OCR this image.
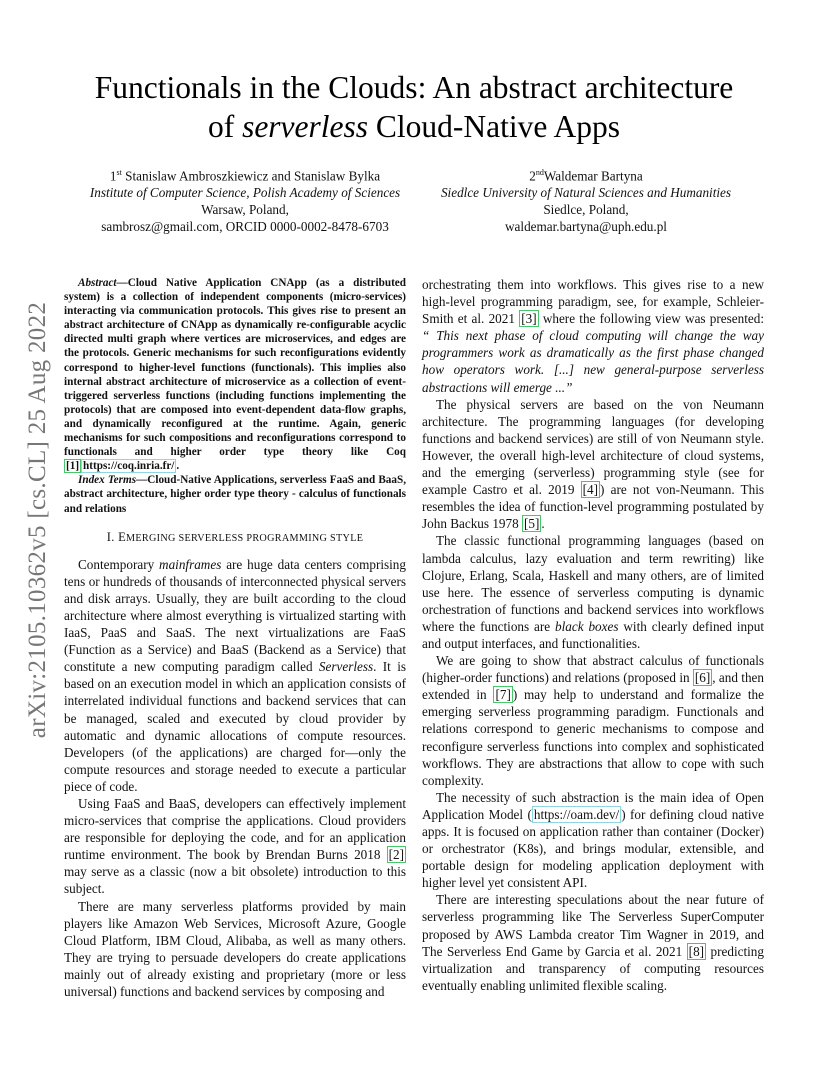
arXiv:2105.10362v5 [cs.CL] 25 Aug 2022
Functionals in the Clouds: An abstract architecture
of serverless Cloud-Native Apps
1st Stanislaw Ambroszkiewicz and Stanislaw Bylka
Institute of Computer Science, Polish Academy of Sciences
Warsaw, Poland,
sambrosz@gmail.com, ORCID 0000-0002-8478-6703
2ndWaldemar Bartyna
Siedlce University of Natural Sciences and Humanities
Siedlce, Poland,
waldemar.bartyna@uph.edu.pl

Abstract—Cloud Native Application CNApp (as a distributed system) is a collection of independent components (micro-services) interacting via communication protocols. This gives rise to present an abstract architecture of CNApp as dynamically re-configurable acyclic directed multi graph where vertices are microservices, and edges are the protocols. Generic mechanisms for such reconfigurations evidently correspond to higher-level functions (functionals). This implies also internal abstract architecture of microservice as a collection of event-triggered serverless functions (including functions implementing the protocols) that are composed into event-dependent data-flow graphs, and dynamically reconfigured at the runtime. Again, generic mechanisms for such compositions and reconfigurations correspond to functionals and higher order type theory like Coq [1] https://coq.inria.fr/ .

Index Terms—Cloud-Native Applications, serverless FaaS and BaaS, abstract architecture, higher order type theory - calculus of functionals and relations

I. EMERGING SERVERLESS PROGRAMMING STYLE

Contemporary mainframes are huge data centers comprising tens or hundreds of thousands of interconnected physical servers and disk arrays. Usually, they are built according to the cloud architecture where almost everything is virtualized starting with IaaS, PaaS and SaaS. The next virtualizations are FaaS (Function as a Service) and BaaS (Backend as a Service) that constitute a new computing paradigm called Serverless. It is based on an execution model in which an application consists of interrelated individual functions and backend services that can be managed, scaled and executed by cloud provider by automatic and dynamic allocations of compute resources. Developers (of the applications) are charged for—only the compute resources and storage needed to execute a particular piece of code.

Using FaaS and BaaS, developers can effectively implement micro-services that comprise the applications. Cloud providers are responsible for deploying the code, and for an application runtime environment. The book by Brendan Burns 2018 [2] may serve as a classic (now a bit obsolete) introduction to this subject.

There are many serverless platforms provided by main players like Amazon Web Services, Microsoft Azure, Google Cloud Platform, IBM Cloud, Alibaba, as well as many others. They are trying to persuade developers do create applications mainly out of already existing and proprietary (more or less universal) functions and backend services by composing and

orchestrating them into workflows. This gives rise to a new high-level programming paradigm, see, for example, Schleier-Smith et al. 2021 [3] where the following view was presented: “ This next phase of cloud computing will change the way programmers work as dramatically as the first phase changed how operators work. [...] new general-purpose serverless abstractions will emerge ...”

The physical servers are based on the von Neumann architecture. The programming languages (for developing functions and backend services) are still of von Neumann style. However, the overall high-level architecture of cloud systems, and the emerging (serverless) programming style (see for example Castro et al. 2019 [4] ) are not von-Neumann. This resembles the idea of function-level programming postulated by John Backus 1978 [5] .

The classic functional programming languages (based on lambda calculus, lazy evaluation and term rewriting) like Clojure, Erlang, Scala, Haskell and many others, are of limited use here. The essence of serverless computing is dynamic orchestration of functions and backend services into workflows where the functions are black boxes with clearly defined input and output interfaces, and functionalities.

We are going to show that abstract calculus of functionals (higher-order functions) and relations (proposed in [6] , and then extended in [7] ) may help to understand and formalize the emerging serverless programming paradigm. Functionals and relations correspond to generic mechanisms to compose and reconfigure serverless functions into complex and sophisticated workflows. They are abstractions that allow to cope with such complexity.

The necessity of such abstraction is the main idea of Open Application Model ( https://oam.dev/ ) for defining cloud native apps. It is focused on application rather than container (Docker) or orchestrator (K8s), and brings modular, extensible, and portable design for modeling application deployment with higher level yet consistent API.

There are interesting speculations about the near future of serverless programming like The Serverless SuperComputer proposed by AWS Lambda creator Tim Wagner in 2019, and The Serverless End Game by Garcia et al. 2021 [8] predicting virtualization and transparency of computing resources eventually enabling unlimited flexible scaling.
